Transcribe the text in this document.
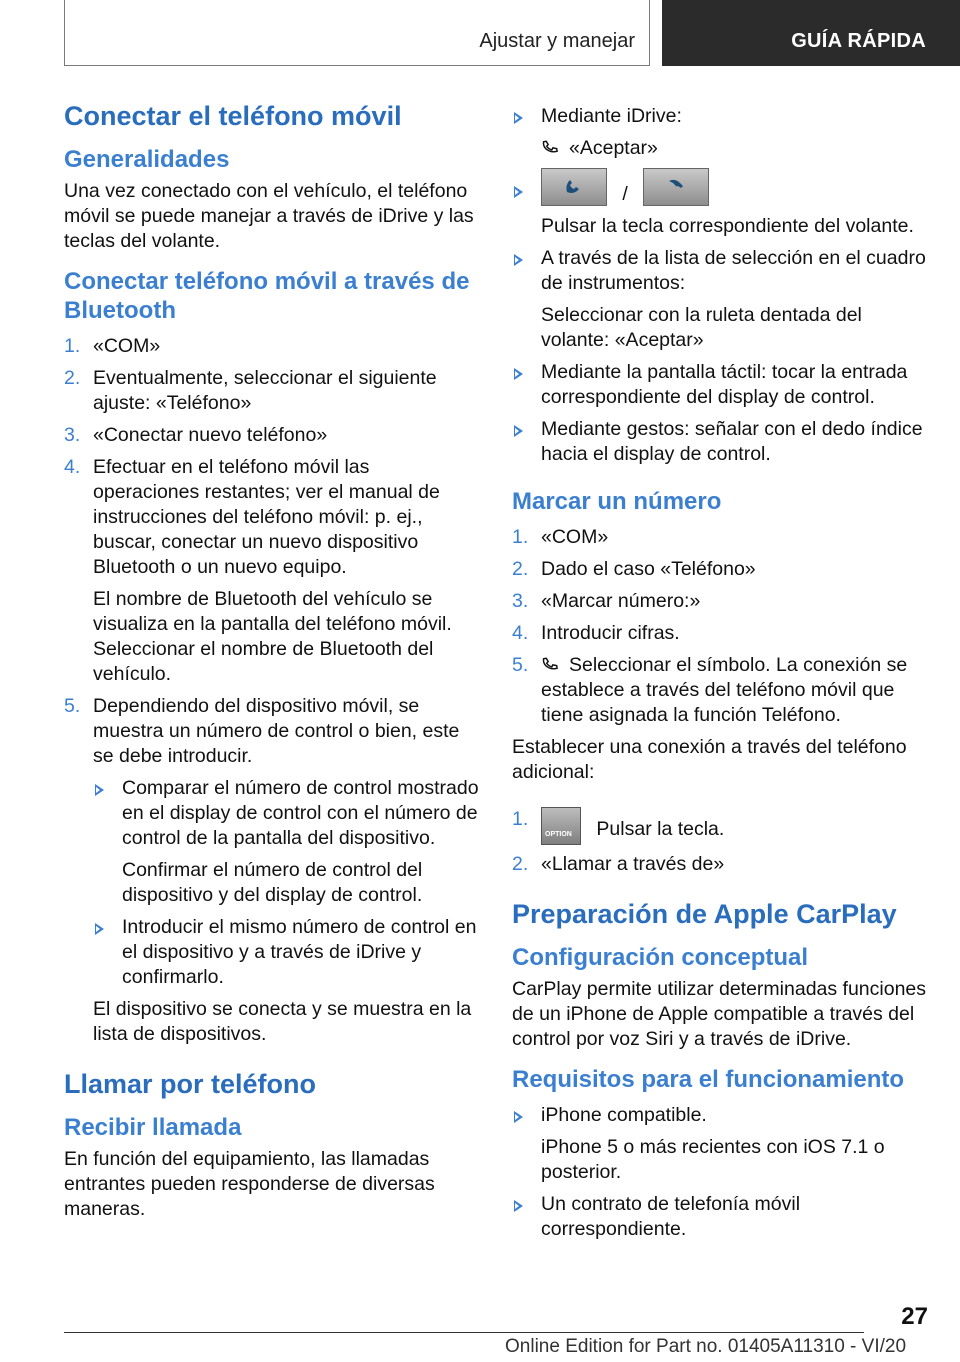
Ajustar y manejar	GUÍA RÁPIDA
Conectar el teléfono móvil
Generalidades

Una vez conectado con el vehículo, el teléfono móvil se puede manejar a través de iDrive y las teclas del volante.

Conectar teléfono móvil a través de Bluetooth
1. «COM»
2. Eventualmente, seleccionar el siguiente ajuste: «Teléfono»
3. «Conectar nuevo teléfono»
4. Efectuar en el teléfono móvil las operaciones restantes; ver el manual de instrucciones del teléfono móvil: p. ej., buscar, conectar un nuevo dispositivo Bluetooth o un nuevo equipo.

El nombre de Bluetooth del vehículo se visualiza en la pantalla del teléfono móvil. Seleccionar el nombre de Bluetooth del vehículo.

5. Dependiendo del dispositivo móvil, se muestra un número de control o bien, este se debe introducir.
Comparar el número de control mostrado en el display de control con el número de control de la pantalla del dispositivo.

Confirmar el número de control del dispositivo y del display de control.

Introducir el mismo número de control en el dispositivo y a través de iDrive y confirmarlo.

El dispositivo se conecta y se muestra en la lista de dispositivos.

Llamar por teléfono
Recibir llamada

En función del equipamiento, las llamadas entrantes pueden responderse de diversas maneras.

Mediante iDrive:

«Aceptar»

/

Pulsar la tecla correspondiente del volante.

A través de la lista de selección en el cuadro de instrumentos:

Seleccionar con la ruleta dentada del volante: «Aceptar»

Mediante la pantalla táctil: tocar la entrada correspondiente del display de control.
Mediante gestos: señalar con el dedo índice hacia el display de control.
Marcar un número
1. «COM»
2. Dado el caso «Teléfono»
3. «Marcar número:»
4. Introducir cifras.
5. Seleccionar el símbolo. La conexión se establece a través del teléfono móvil que tiene asignada la función Teléfono.

Establecer una conexión a través del teléfono adicional:

1.
OPTION Pulsar la tecla.
2. «Llamar a través de»
Preparación de Apple CarPlay
Configuración conceptual

CarPlay permite utilizar determinadas funciones de un iPhone de Apple compatible a través del control por voz Siri y a través de iDrive.

Requisitos para el funcionamiento
iPhone compatible.

iPhone 5 o más recientes con iOS 7.1 o posterior.

Un contrato de telefonía móvil correspondiente.
27
Online Edition for Part no. 01405A11310 - VI/20
